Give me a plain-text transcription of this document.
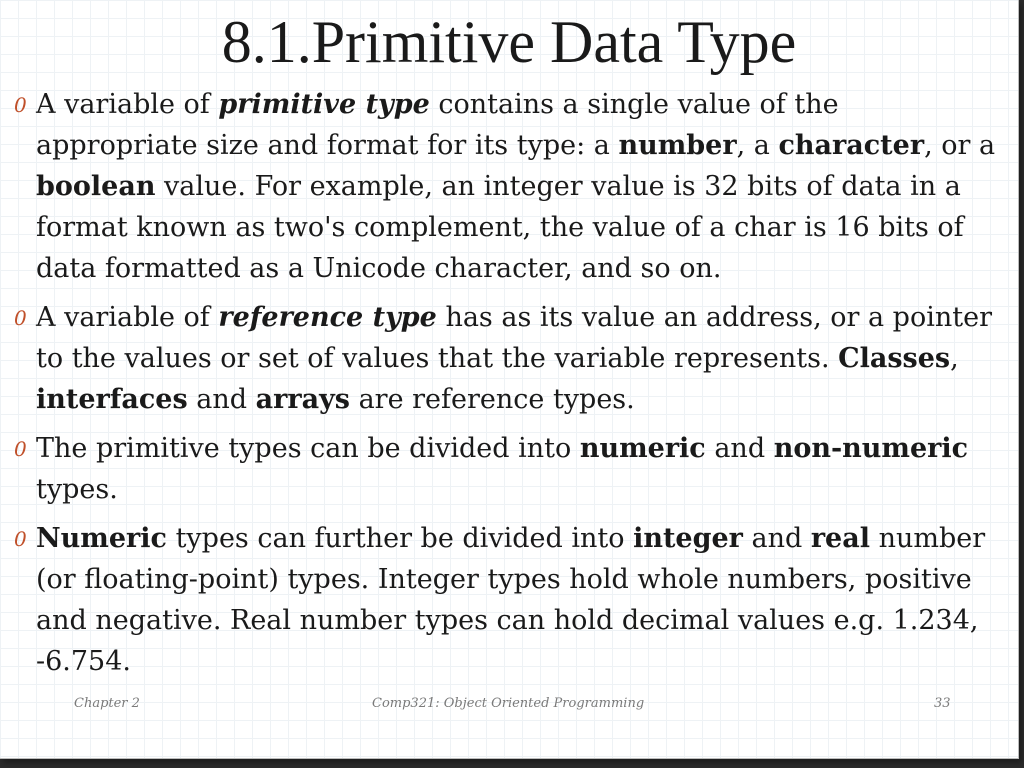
8.1.Primitive Data Type
0 A variable of primitive type contains a single value of the appropriate size and format for its type: a number, a character, or a boolean value. For example, an integer value is 32 bits of data in a format known as two's complement, the value of a char is 16 bits of data formatted as a Unicode character, and so on.
0 A variable of reference type has as its value an address, or a pointer to the values or set of values that the variable represents. Classes, interfaces and arrays are reference types.
0 The primitive types can be divided into numeric and non-numeric types.
0 Numeric types can further be divided into integer and real number (or floating-point) types. Integer types hold whole numbers, positive and negative. Real number types can hold decimal values e.g. 1.234, -6.754.
Chapter 2	Comp321: Object Oriented Programming	33
